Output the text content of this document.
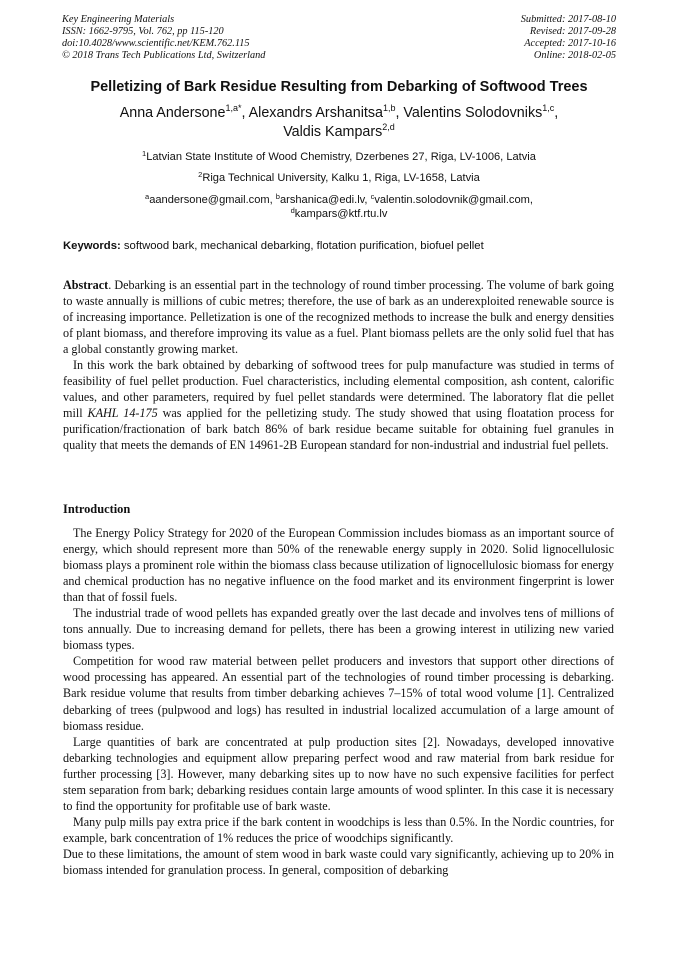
Key Engineering Materials
ISSN: 1662-9795, Vol. 762, pp 115-120
doi:10.4028/www.scientific.net/KEM.762.115
© 2018 Trans Tech Publications Ltd, Switzerland
Submitted: 2017-08-10
Revised: 2017-09-28
Accepted: 2017-10-16
Online: 2018-02-05
Pelletizing of Bark Residue Resulting from Debarking of Softwood Trees
Anna Andersone$^{1,a*}$, Alexandrs Arshanitsa$^{1,b}$, Valentins Solodovniks$^{1,c}$,
Valdis Kampars$^{2,d}$
$^1$Latvian State Institute of Wood Chemistry, Dzerbenes 27, Riga, LV-1006, Latvia
$^2$Riga Technical University, Kalku 1, Riga, LV-1658, Latvia
$^a$aandersone@gmail.com, $^b$arshanica@edi.lv, $^c$valentin.solodovnik@gmail.com,
$^d$kampars@ktf.rtu.lv
Keywords: softwood bark, mechanical debarking, flotation purification, biofuel pellet

Abstract. Debarking is an essential part in the technology of round timber processing. The volume of bark going to waste annually is millions of cubic metres; therefore, the use of bark as an underexploited renewable source is of increasing importance. Pelletization is one of the recognized methods to increase the bulk and energy densities of plant biomass, and therefore improving its value as a fuel. Plant biomass pellets are the only solid fuel that has a global constantly growing market.

In this work the bark obtained by debarking of softwood trees for pulp manufacture was studied in terms of feasibility of fuel pellet production. Fuel characteristics, including elemental composition, ash content, calorific values, and other parameters, required by fuel pellet standards were determined. The laboratory flat die pellet mill KAHL 14-175 was applied for the pelletizing study. The study showed that using floatation process for purification/fractionation of bark batch 86% of bark residue became suitable for obtaining fuel granules in quality that meets the demands of EN 14961-2B European standard for non-industrial and industrial fuel pellets.

Introduction

The Energy Policy Strategy for 2020 of the European Commission includes biomass as an important source of energy, which should represent more than 50% of the renewable energy supply in 2020. Solid lignocellulosic biomass plays a prominent role within the biomass class because utilization of lignocellulosic biomass for energy and chemical production has no negative influence on the food market and its environment fingerprint is lower than that of fossil fuels.

The industrial trade of wood pellets has expanded greatly over the last decade and involves tens of millions of tons annually. Due to increasing demand for pellets, there has been a growing interest in utilizing new varied biomass types.

Competition for wood raw material between pellet producers and investors that support other directions of wood processing has appeared. An essential part of the technologies of round timber processing is debarking. Bark residue volume that results from timber debarking achieves 7–15% of total wood volume [1]. Centralized debarking of trees (pulpwood and logs) has resulted in industrial localized accumulation of a large amount of biomass residue.

Large quantities of bark are concentrated at pulp production sites [2]. Nowadays, developed innovative debarking technologies and equipment allow preparing perfect wood and raw material from bark residue for further processing [3]. However, many debarking sites up to now have no such expensive facilities for perfect stem separation from bark; debarking residues contain large amounts of wood splinter. In this case it is necessary to find the opportunity for profitable use of bark waste.

Many pulp mills pay extra price if the bark content in woodchips is less than 0.5%. In the Nordic countries, for example, bark concentration of 1% reduces the price of woodchips significantly.

Due to these limitations, the amount of stem wood in bark waste could vary significantly, achieving up to 20% in biomass intended for granulation process. In general, composition of debarking
